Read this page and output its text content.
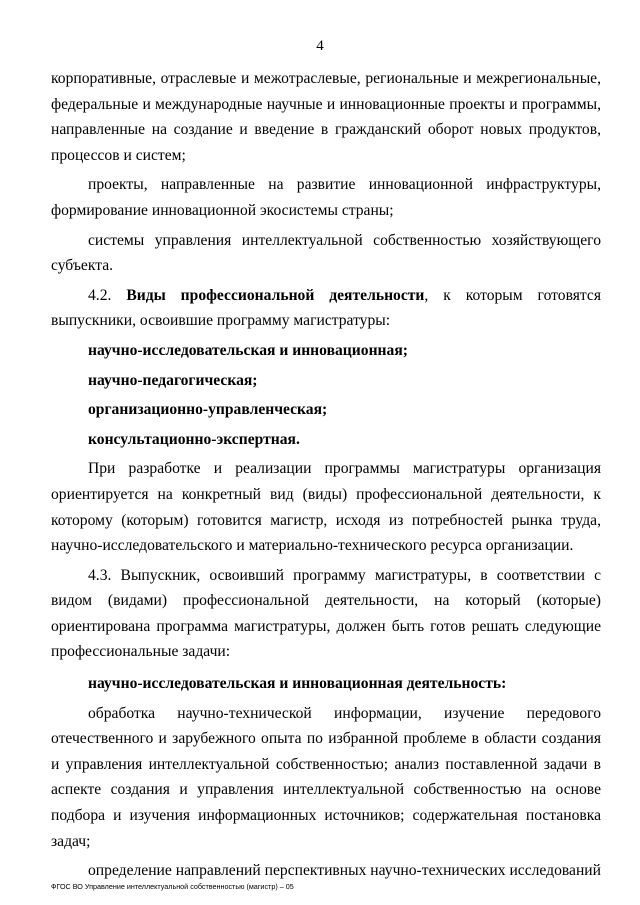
4

корпоративные, отраслевые и межотраслевые, региональные и межрегиональные, федеральные и международные научные и инновационные проекты и программы, направленные на создание и введение в гражданский оборот новых продуктов, процессов и систем;

проекты, направленные на развитие инновационной инфраструктуры, формирование инновационной экосистемы страны;

системы управления интеллектуальной собственностью хозяйствующего субъекта.

4.2. Виды профессиональной деятельности, к которым готовятся выпускники, освоившие программу магистратуры:

научно-исследовательская и инновационная;

научно-педагогическая;

организационно-управленческая;

консультационно-экспертная.

При разработке и реализации программы магистратуры организация ориентируется на конкретный вид (виды) профессиональной деятельности, к которому (которым) готовится магистр, исходя из потребностей рынка труда, научно-исследовательского и материально-технического ресурса организации.

4.3. Выпускник, освоивший программу магистратуры, в соответствии с видом (видами) профессиональной деятельности, на который (которые) ориентирована программа магистратуры, должен быть готов решать следующие профессиональные задачи:

научно-исследовательская и инновационная деятельность:

обработка научно-технической информации, изучение передового отечественного и зарубежного опыта по избранной проблеме в области создания и управления интеллектуальной собственностью; анализ поставленной задачи в аспекте создания и управления интеллектуальной собственностью на основе подбора и изучения информационных источников; содержательная постановка задач;

определение направлений перспективных научно-технических исследований

ФГОС ВО Управление интеллектуальной собственностью (магистр) – 05
